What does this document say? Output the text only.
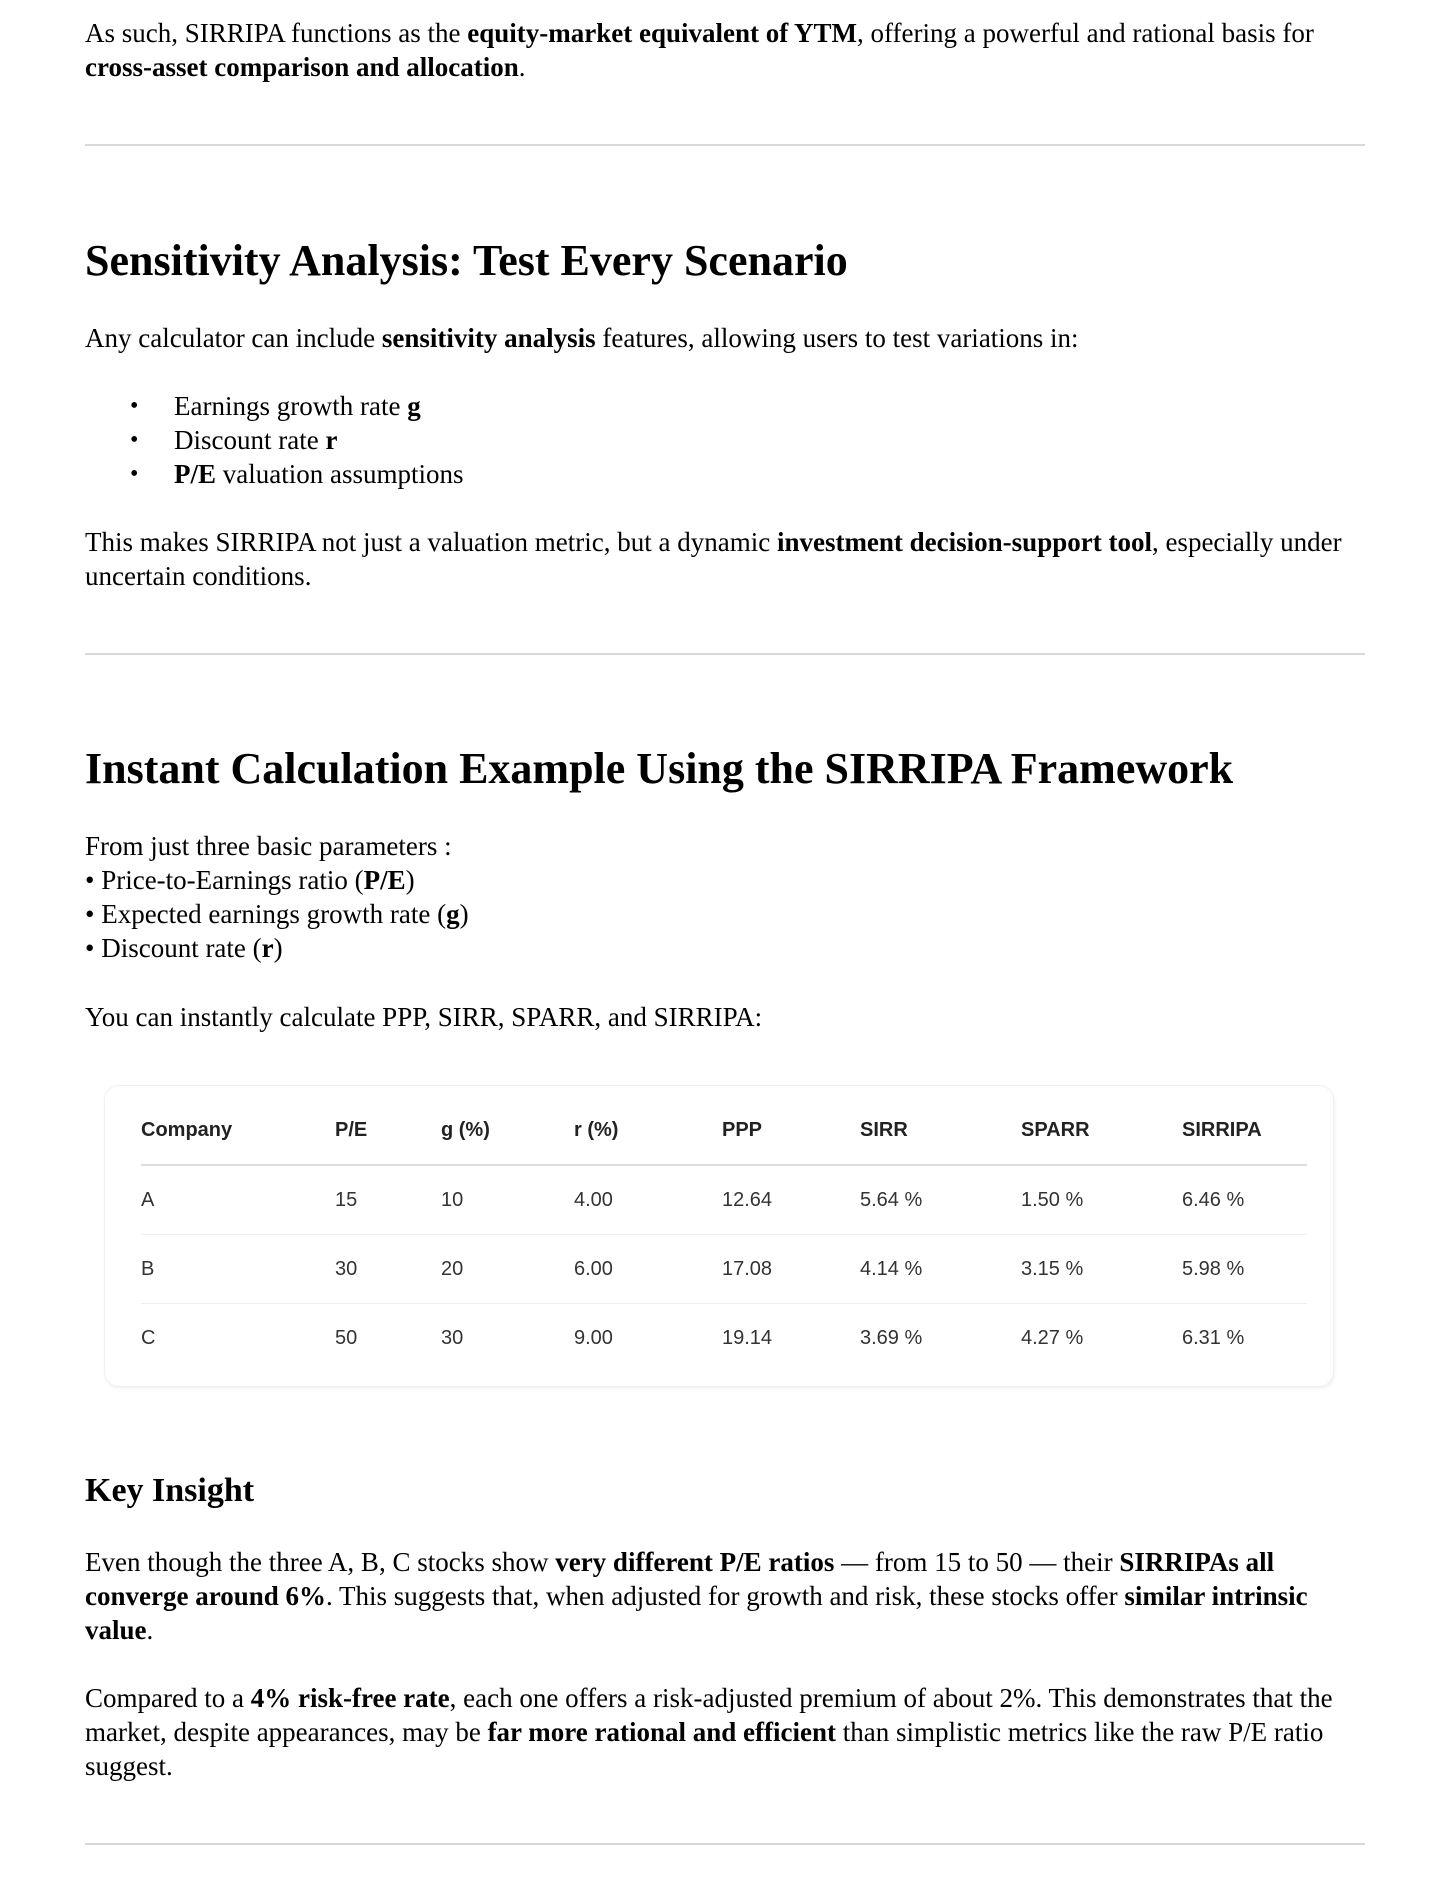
As such, SIRRIPA functions as the equity-market equivalent of YTM, offering a powerful and rational basis for cross-asset comparison and allocation.

Sensitivity Analysis: Test Every Scenario

Any calculator can include sensitivity analysis features, allowing users to test variations in:

• Earnings growth rate g
• Discount rate r
• P/E valuation assumptions

This makes SIRRIPA not just a valuation metric, but a dynamic investment decision-support tool, especially under uncertain conditions.

Instant Calculation Example Using the SIRRIPA Framework

From just three basic parameters :

• Price-to-Earnings ratio (P/E)

• Expected earnings growth rate (g)

• Discount rate (r)

You can instantly calculate PPP, SIRR, SPARR, and SIRRIPA:

Company	P/E	g (%)	r (%)	PPP	SIRR	SPARR	SIRRIPA
A	15	10	4.00	12.64	5.64 %	1.50 %	6.46 %
B	30	20	6.00	17.08	4.14 %	3.15 %	5.98 %
C	50	30	9.00	19.14	3.69 %	4.27 %	6.31 %
Key Insight

Even though the three A, B, C stocks show very different P/E ratios — from 15 to 50 — their SIRRIPAs all converge around 6%. This suggests that, when adjusted for growth and risk, these stocks offer similar intrinsic value.

Compared to a 4% risk-free rate, each one offers a risk-adjusted premium of about 2%. This demonstrates that the market, despite appearances, may be far more rational and efficient than simplistic metrics like the raw P/E ratio suggest.
